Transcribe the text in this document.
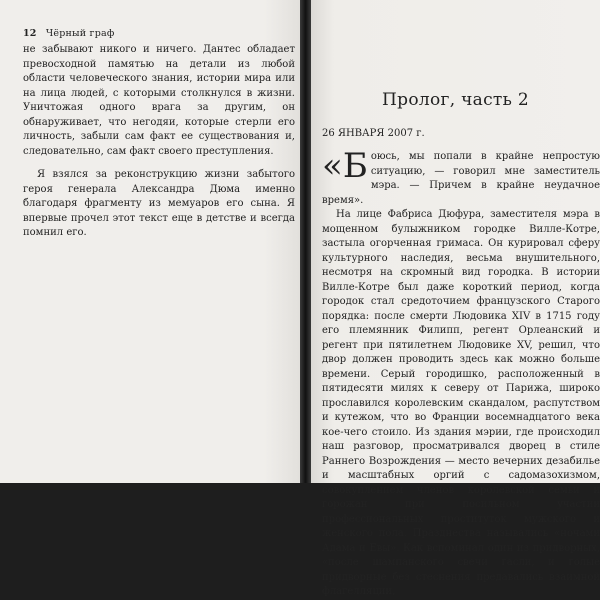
12 Чёрный граф

не забывают никого и ничего. Дантес обладает превосходной памятью на детали из любой области человеческого знания, истории мира или на лица людей, с которыми столкнулся в жизни. Уничтожая одного врага за другим, он обнаруживает, что негодяи, которые стерли его личность, забыли сам факт ее существования и, следовательно, сам факт своего преступления.

Я взялся за реконструкцию жизни забытого героя генерала Александра Дюма именно благодаря фрагменту из мемуаров его сына. Я впервые прочел этот текст еще в детстве и всегда помнил его.

Пролог, часть 2
26 ЯНВАРЯ 2007 г.

«Б оюсь, мы попали в крайне непростую ситуацию, — говорил мне заместитель мэра. — Причем в крайне неудачное время».

На лице Фабриса Дюфура, заместителя мэра в мощенном булыжником городке Вилле-Котре, застыла огорченная гримаса. Он курировал сферу культурного наследия, весьма внушительного, несмотря на скромный вид городка. В истории Вилле-Котре был даже короткий период, когда городок стал средоточием французского Старого порядка: после смерти Людовика XIV в 1715 году его племянник Филипп, регент Орлеанский и регент при пятилетнем Людовике XV, решил, что двор должен проводить здесь как можно больше времени. Серый городишко, расположенный в пятидесяти милях к северу от Парижа, широко прославился королевским скандалом, распутством и кутежом, что во Франции восемнадцатого века кое-чего стоило. Из здания мэрии, где происходил наш разговор, просматривался дворец в стиле Раннего Возрождения — место вечерних дезабилье и масштабных оргий с садомазохизмом, совокуплением членов королевской семьи и горожан при посильном участии профессиональных проституток мужского и женского пола. Празднества назывались «ночами Адама и Евы». Как вспоминал один из придворных, «после шампанского свечи гасли, и голые придворные без стеснения предавались взаимной флагелляции,
